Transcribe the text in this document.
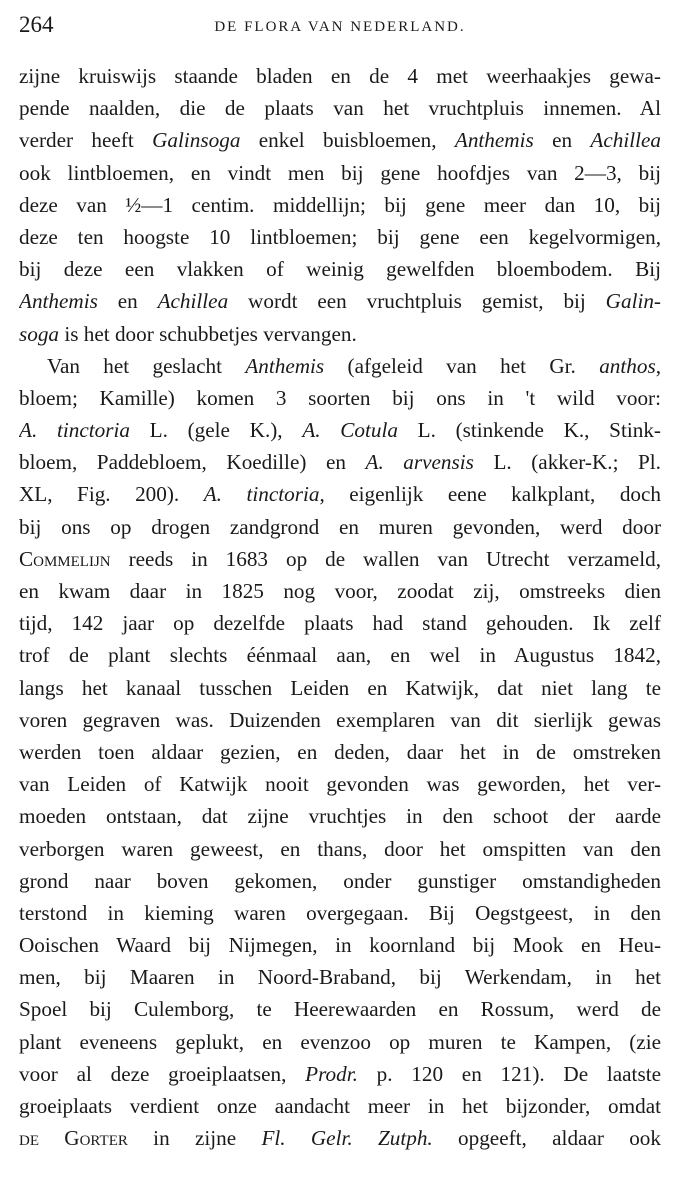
264	DE FLORA VAN NEDERLAND.
zijne kruiswijs staande bladen en de 4 met weerhaakjes gewa-
pende naalden, die de plaats van het vruchtpluis innemen. Al
verder heeft Galinsoga enkel buisbloemen, Anthemis en Achillea
ook lintbloemen, en vindt men bij gene hoofdjes van 2—3, bij
deze van ½—1 centim. middellijn; bij gene meer dan 10, bij
deze ten hoogste 10 lintbloemen; bij gene een kegelvormigen,
bij deze een vlakken of weinig gewelfden bloembodem. Bij
Anthemis en Achillea wordt een vruchtpluis gemist, bij Galin-
soga is het door schubbetjes vervangen.
Van het geslacht Anthemis (afgeleid van het Gr. anthos,
bloem; Kamille) komen 3 soorten bij ons in 't wild voor:
A. tinctoria L. (gele K.), A. Cotula L. (stinkende K., Stink-
bloem, Paddebloem, Koedille) en A. arvensis L. (akker-K.; Pl.
XL, Fig. 200). A. tinctoria, eigenlijk eene kalkplant, doch
bij ons op drogen zandgrond en muren gevonden, werd door
Commelijn reeds in 1683 op de wallen van Utrecht verzameld,
en kwam daar in 1825 nog voor, zoodat zij, omstreeks dien
tijd, 142 jaar op dezelfde plaats had stand gehouden. Ik zelf
trof de plant slechts éénmaal aan, en wel in Augustus 1842,
langs het kanaal tusschen Leiden en Katwijk, dat niet lang te
voren gegraven was. Duizenden exemplaren van dit sierlijk gewas
werden toen aldaar gezien, en deden, daar het in de omstreken
van Leiden of Katwijk nooit gevonden was geworden, het ver-
moeden ontstaan, dat zijne vruchtjes in den schoot der aarde
verborgen waren geweest, en thans, door het omspitten van den
grond naar boven gekomen, onder gunstiger omstandigheden
terstond in kieming waren overgegaan. Bij Oegstgeest, in den
Ooischen Waard bij Nijmegen, in koornland bij Mook en Heu-
men, bij Maaren in Noord-Braband, bij Werkendam, in het
Spoel bij Culemborg, te Heerewaarden en Rossum, werd de
plant eveneens geplukt, en evenzoo op muren te Kampen, (zie
voor al deze groeiplaatsen, Prodr. p. 120 en 121). De laatste
groeiplaats verdient onze aandacht meer in het bijzonder, omdat
de Gorter in zijne Fl. Gelr. Zutph. opgeeft, aldaar ook
